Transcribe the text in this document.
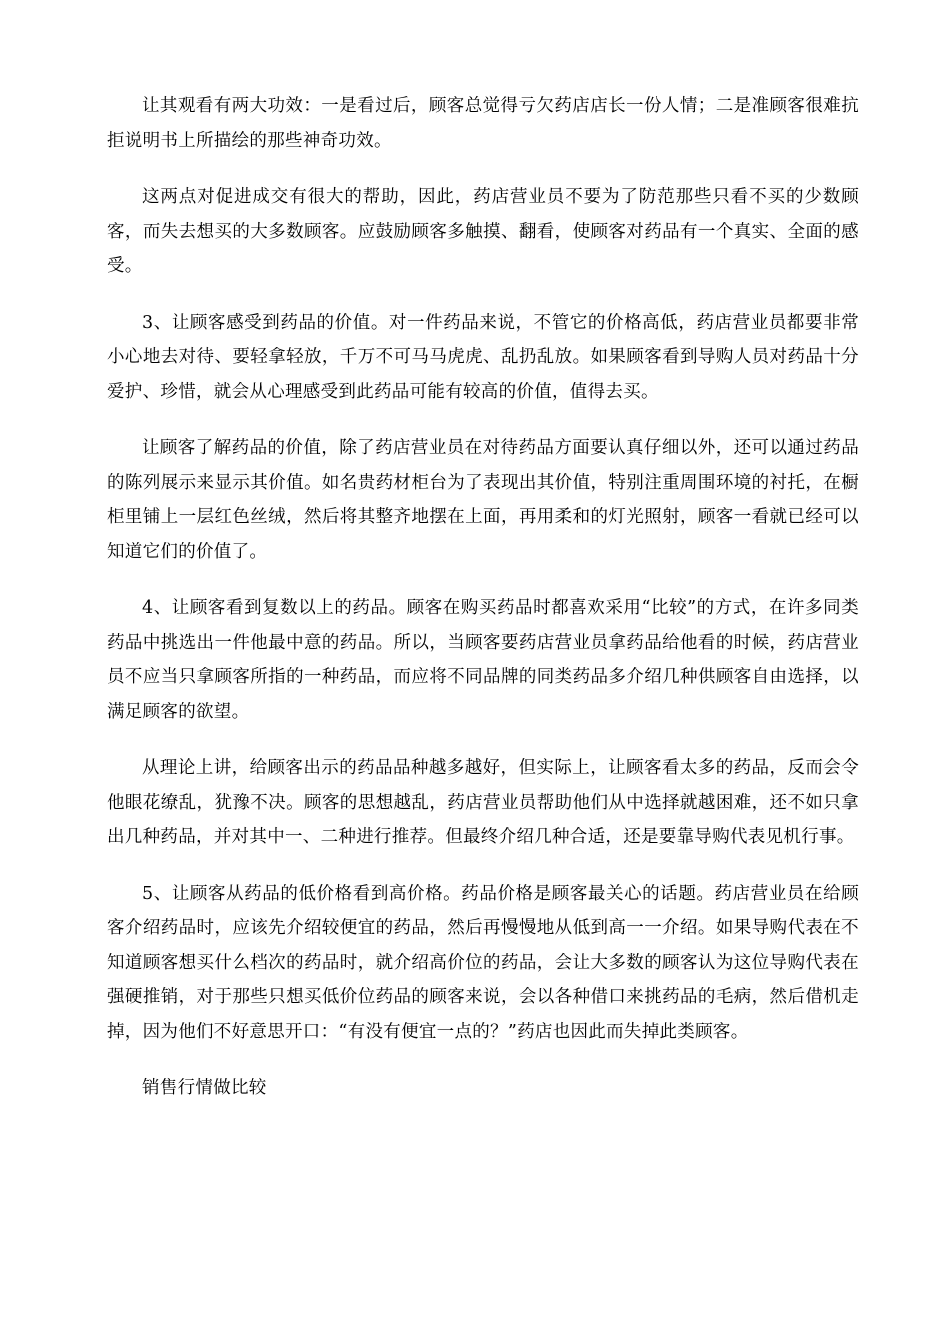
让其观看有两大功效：一是看过后，顾客总觉得亏欠药店店长一份人情；二是准顾客很难抗拒说明书上所描绘的那些神奇功效。

这两点对促进成交有很大的帮助，因此，药店营业员不要为了防范那些只看不买的少数顾客，而失去想买的大多数顾客。应鼓励顾客多触摸、翻看，使顾客对药品有一个真实、全面的感受。

3、让顾客感受到药品的价值。对一件药品来说，不管它的价格高低，药店营业员都要非常小心地去对待、要轻拿轻放，千万不可马马虎虎、乱扔乱放。如果顾客看到导购人员对药品十分爱护、珍惜，就会从心理感受到此药品可能有较高的价值，值得去买。

让顾客了解药品的价值，除了药店营业员在对待药品方面要认真仔细以外，还可以通过药品的陈列展示来显示其价值。如名贵药材柜台为了表现出其价值，特别注重周围环境的衬托，在橱柜里铺上一层红色丝绒，然后将其整齐地摆在上面，再用柔和的灯光照射，顾客一看就已经可以知道它们的价值了。

4、让顾客看到复数以上的药品。顾客在购买药品时都喜欢采用“比较”的方式，在许多同类药品中挑选出一件他最中意的药品。所以，当顾客要药店营业员拿药品给他看的时候，药店营业员不应当只拿顾客所指的一种药品，而应将不同品牌的同类药品多介绍几种供顾客自由选择，以满足顾客的欲望。

从理论上讲，给顾客出示的药品品种越多越好，但实际上，让顾客看太多的药品，反而会令他眼花缭乱，犹豫不决。顾客的思想越乱，药店营业员帮助他们从中选择就越困难，还不如只拿出几种药品，并对其中一、二种进行推荐。但最终介绍几种合适，还是要靠导购代表见机行事。

5、让顾客从药品的低价格看到高价格。药品价格是顾客最关心的话题。药店营业员在给顾客介绍药品时，应该先介绍较便宜的药品，然后再慢慢地从低到高一一介绍。如果导购代表在不知道顾客想买什么档次的药品时，就介绍高价位的药品，会让大多数的顾客认为这位导购代表在强硬推销，对于那些只想买低价位药品的顾客来说，会以各种借口来挑药品的毛病，然后借机走掉，因为他们不好意思开口：“有没有便宜一点的？”药店也因此而失掉此类顾客。

销售行情做比较
